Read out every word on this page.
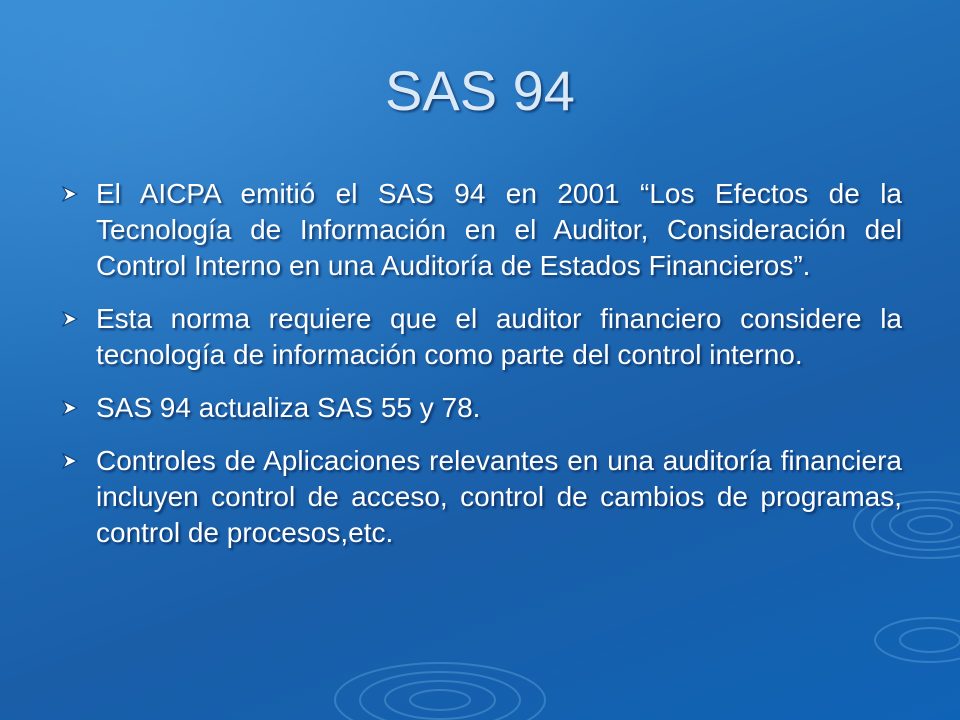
SAS 94
El AICPA emitió el SAS 94 en 2001 “Los Efectos de la Tecnología de Información en el Auditor, Consideración del Control Interno en una Auditoría de Estados Financieros”.
Esta norma requiere que el auditor financiero considere la tecnología de información como parte del control interno.
SAS 94 actualiza SAS 55 y 78.
Controles de Aplicaciones relevantes en una auditoría financiera incluyen control de acceso, control de cambios de programas, control de procesos,etc.
